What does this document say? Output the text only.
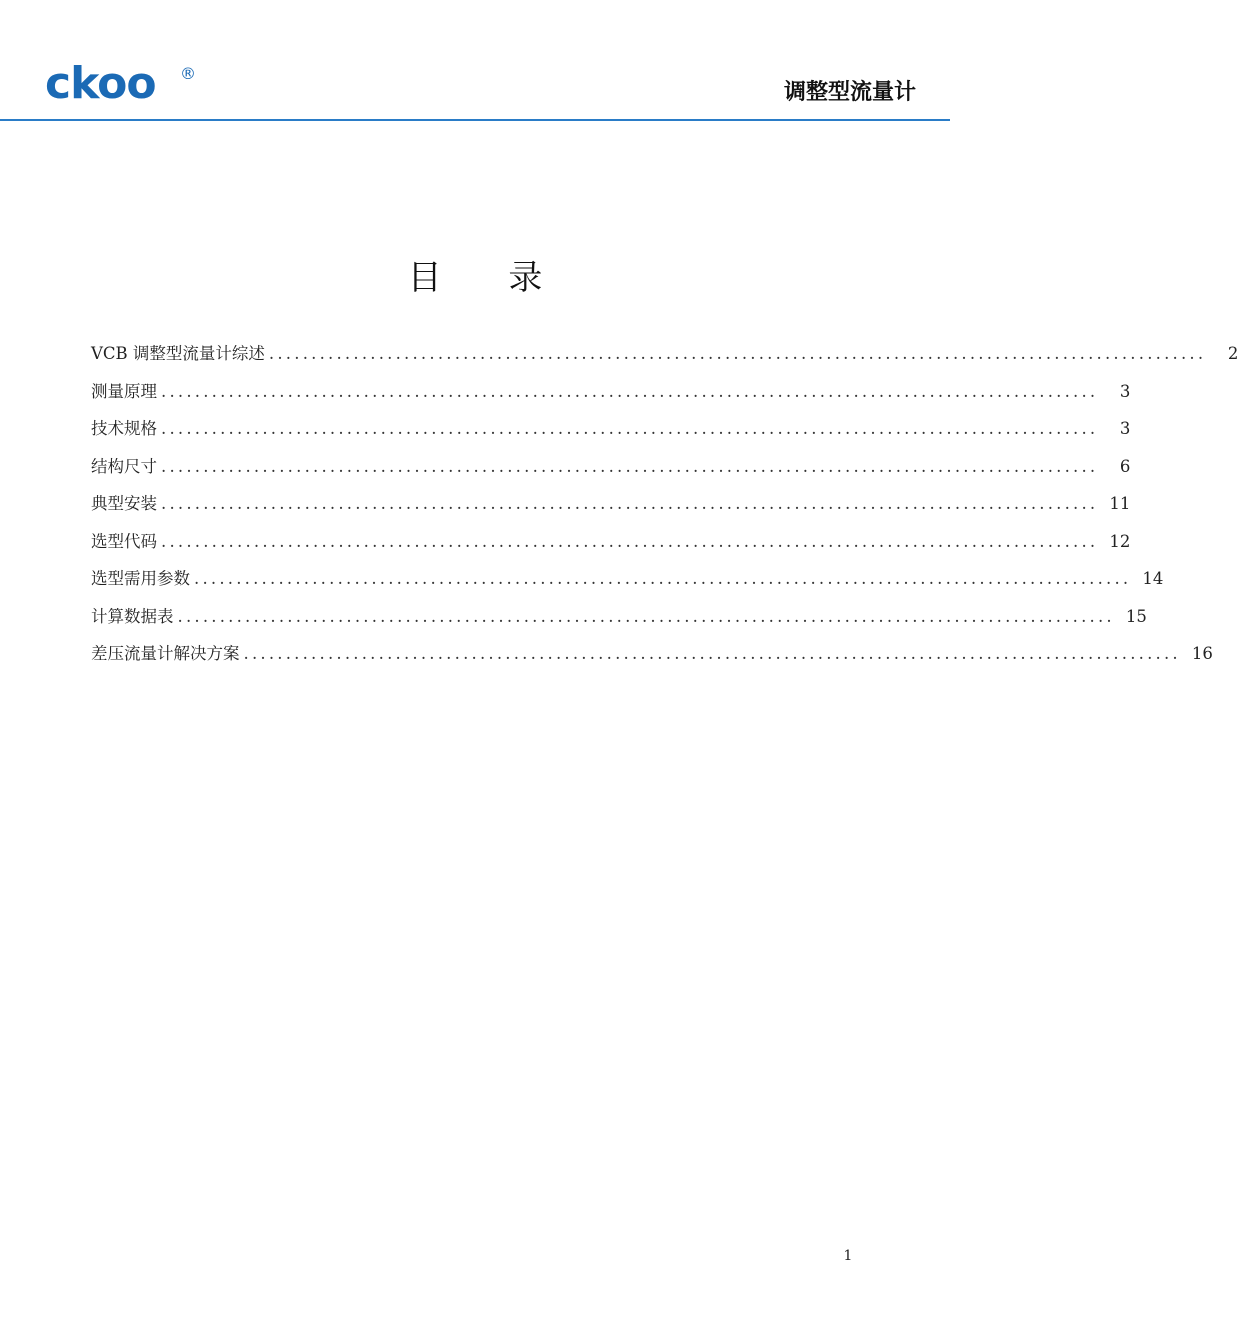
ckoo ®
调整型流量计
目 录
VCB 调整型流量计综述 ...............................................................................................................	2
测量原理 ...............................................................................................................	3
技术规格 ...............................................................................................................	3
结构尺寸 ...............................................................................................................	6
典型安装 ............................................................................................................... 11
选型代码 ............................................................................................................... 12
选型需用参数 ............................................................................................................... 14
计算数据表 ............................................................................................................... 15
差压流量计解决方案 ............................................................................................................... 16
1
